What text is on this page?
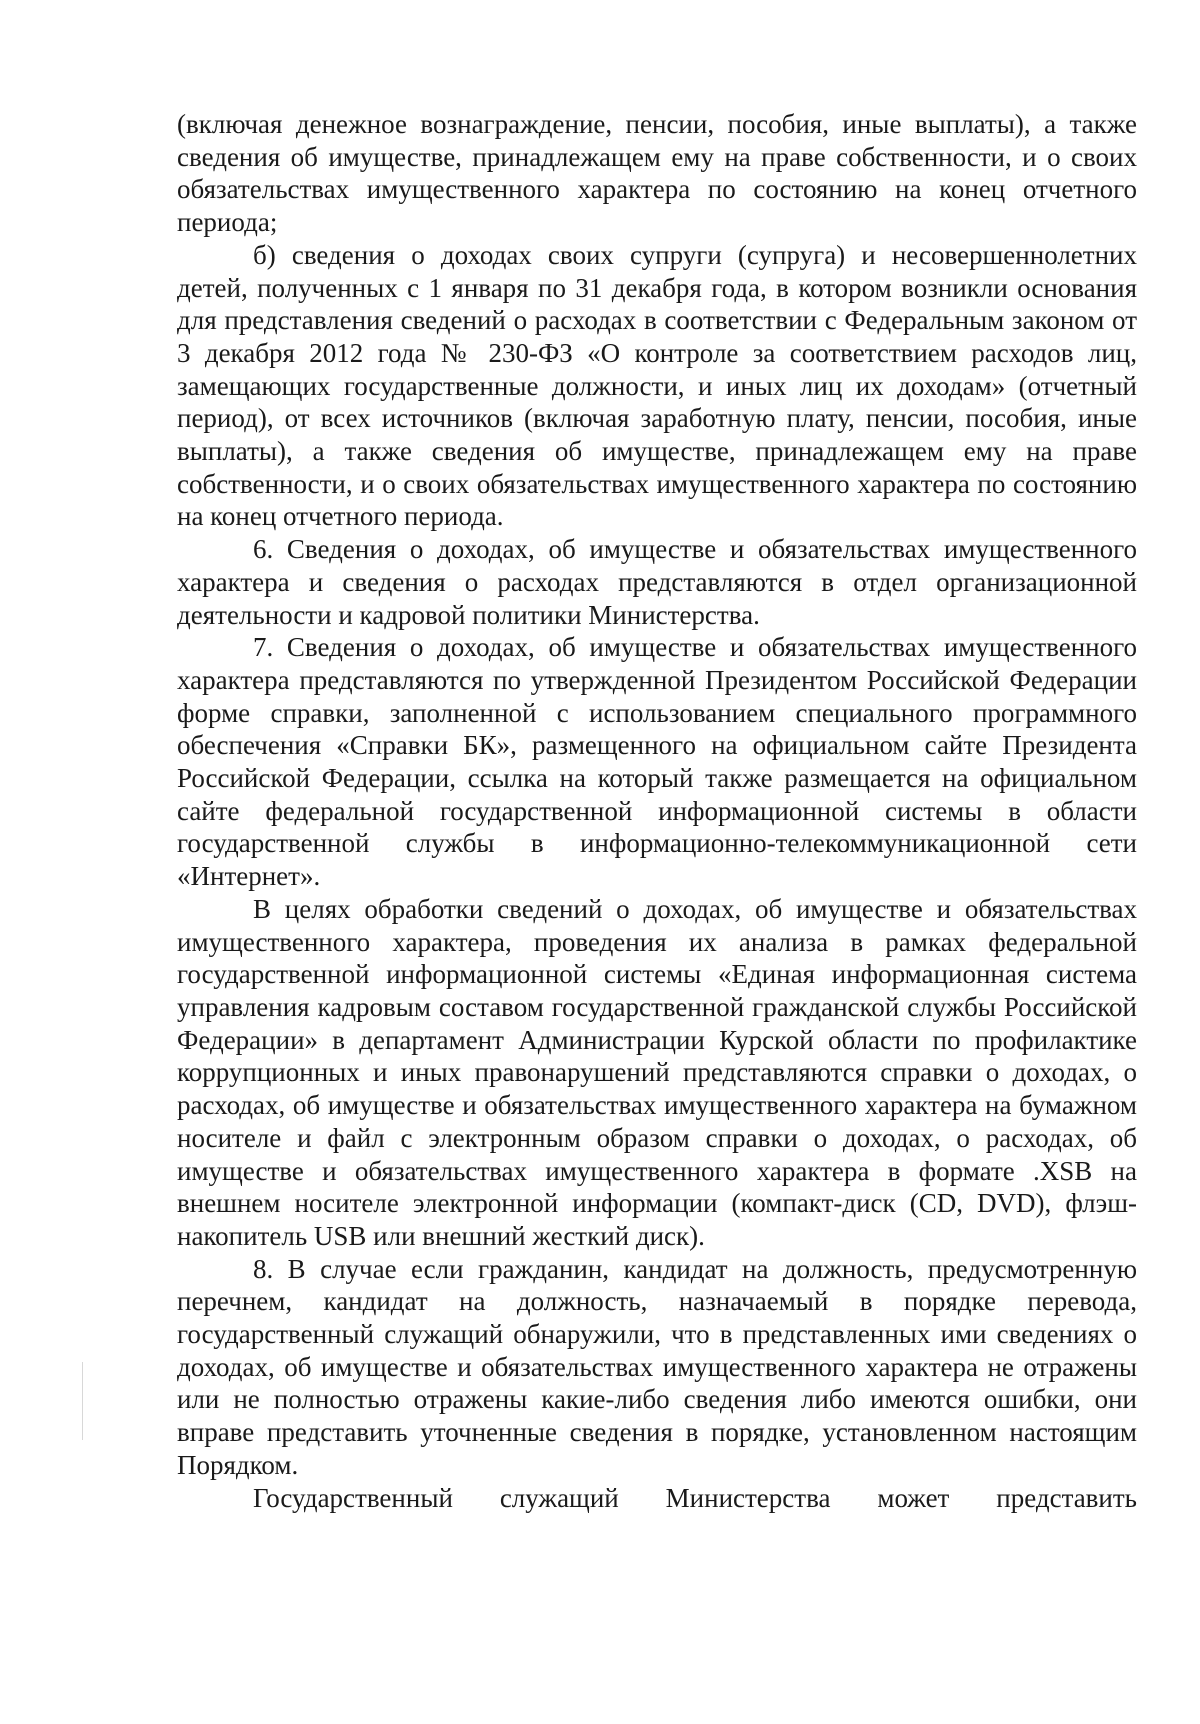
(включая денежное вознаграждение, пенсии, пособия, иные выплаты), а также сведения об имуществе, принадлежащем ему на праве собственности, и о своих обязательствах имущественного характера по состоянию на конец отчетного периода;

б) сведения о доходах своих супруги (супруга) и несовершеннолетних детей, полученных с 1 января по 31 декабря года, в котором возникли основания для представления сведений о расходах в соответствии с Федеральным законом от 3 декабря 2012 года № 230-ФЗ «О контроле за соответствием расходов лиц, замещающих государственные должности, и иных лиц их доходам» (отчетный период), от всех источников (включая заработную плату, пенсии, пособия, иные выплаты), а также сведения об имуществе, принадлежащем ему на праве собственности, и о своих обязательствах имущественного характера по состоянию на конец отчетного периода.

6. Сведения о доходах, об имуществе и обязательствах имущественного характера и сведения о расходах представляются в отдел организационной деятельности и кадровой политики Министерства.

7. Сведения о доходах, об имуществе и обязательствах имущественного характера представляются по утвержденной Президентом Российской Федерации форме справки, заполненной с использованием специального программного обеспечения «Справки БК», размещенного на официальном сайте Президента Российской Федерации, ссылка на который также размещается на официальном сайте федеральной государственной информационной системы в области государственной службы в информационно-телекоммуникационной сети «Интернет».

В целях обработки сведений о доходах, об имуществе и обязательствах имущественного характера, проведения их анализа в рамках федеральной государственной информационной системы «Единая информационная система управления кадровым составом государственной гражданской службы Российской Федерации» в департамент Администрации Курской области по профилактике коррупционных и иных правонарушений представляются справки о доходах, о расходах, об имуществе и обязательствах имущественного характера на бумажном носителе и файл с электронным образом справки о доходах, о расходах, об имуществе и обязательствах имущественного характера в формате .XSB на внешнем носителе электронной информации (компакт-диск (CD, DVD), флэш-накопитель USB или внешний жесткий диск).

8. В случае если гражданин, кандидат на должность, предусмотренную перечнем, кандидат на должность, назначаемый в порядке перевода, государственный служащий обнаружили, что в представленных ими сведениях о доходах, об имуществе и обязательствах имущественного характера не отражены или не полностью отражены какие-либо сведения либо имеются ошибки, они вправе представить уточненные сведения в порядке, установленном настоящим Порядком.

Государственный служащий Министерства может представить
